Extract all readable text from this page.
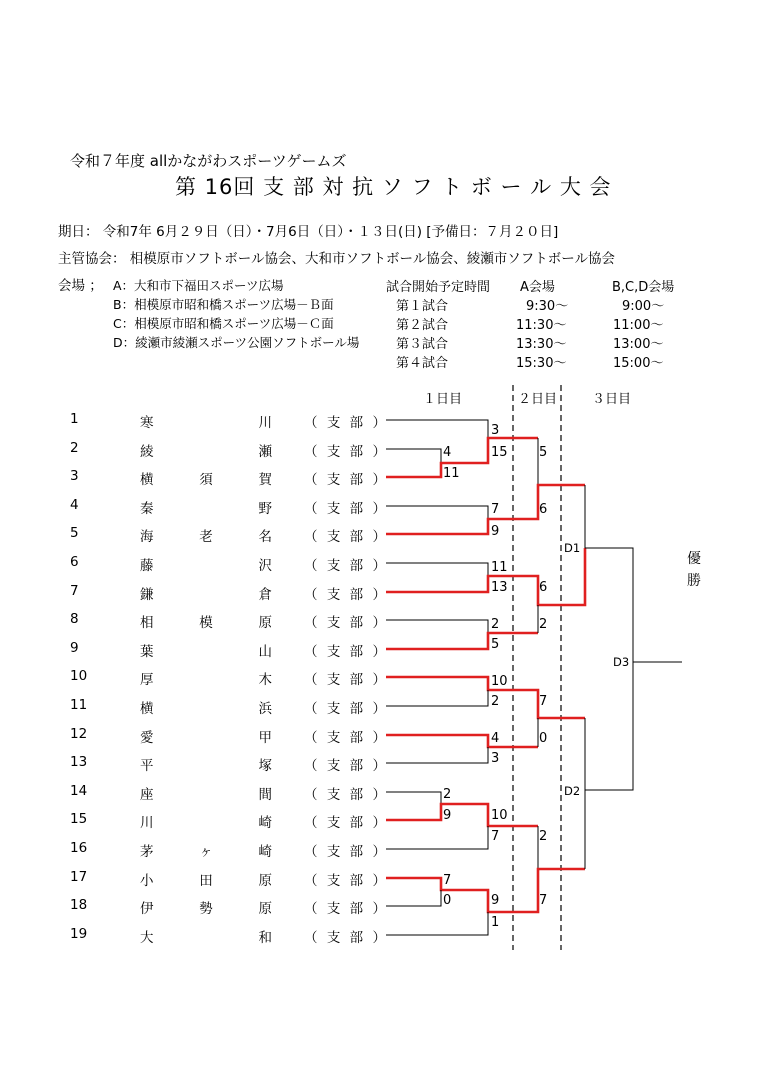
令和７年度 allかながわスポーツゲームズ
第 16回 支 部 対 抗 ソ フ ト ボ ー ル 大 会
期日： 令和7年 6月２９日（日）・7月6日（日）・１３日(日) [予備日：７月２０日]
主管協会： 相模原市ソフトボール協会、大和市ソフトボール協会、綾瀬市ソフトボール協会
会場 ； A：大和市下福田スポーツ広場
B：相模原市昭和橋スポーツ広場－Ｂ面
C：相模原市昭和橋スポーツ広場－Ｃ面
D：綾瀬市綾瀬スポーツ公園ソフトボール場
試合開始予定時間 A会場	B,C,D会場
第１試合	9:30～	9:00～
第２試合	11:30～	11:00～
第３試合	13:30～	13:00～
第４試合	15:30～	15:00～
１日目	２日目	３日目
1	寒川 （支部）
2	綾瀬 （支部）
3	横須賀 （支部）
4	秦野 （支部）
5	海老名 （支部）
6	藤沢 （支部）
7	鎌倉 （支部）
8	相模原 （支部）
9	葉山 （支部）
10	厚木 （支部）
11	横浜 （支部）
12	愛甲 （支部）
13	平塚 （支部）
14	座間 （支部）
15	川崎 （支部）
16	茅ヶ崎 （支部）
17	小田原 （支部）
18	伊勢原 （支部）
19	大和 （支部）
4
11
3
15
7
9
11
13
2
5
10
2
4
3
2
9	10
7
7
0	9
1
5
6
6
2
7
0
2
7
D1
D2
D3
優勝
